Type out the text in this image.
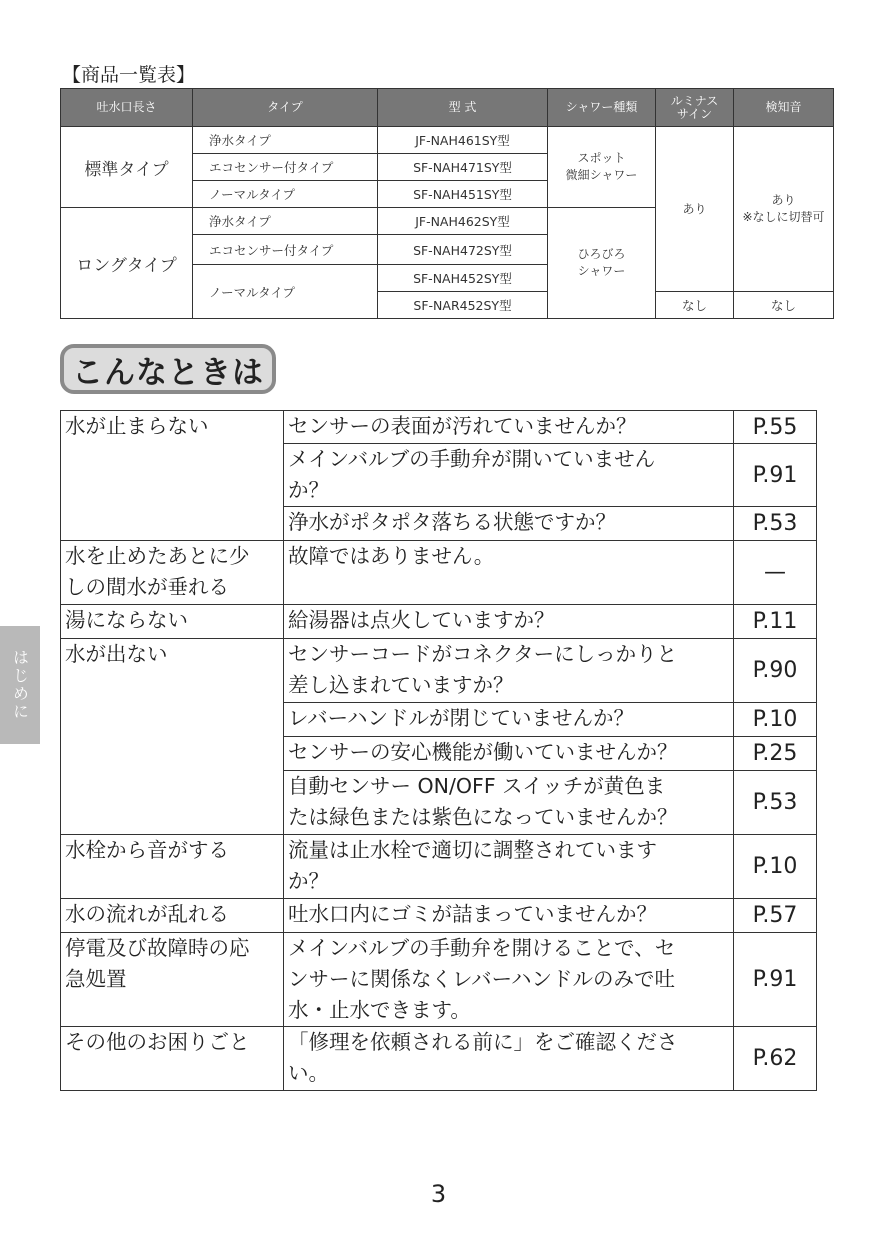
【商品一覧表】
吐水口長さ	タイプ	型 式	シャワー種類	ルミナス
サイン	検知音
標準タイプ	浄水タイプ	JF-NAH461SY型	スポット
微細シャワー	あり	あり
※なしに切替可
	エコセンサー付タイプ	SF-NAH471SY型			
	ノーマルタイプ	SF-NAH451SY型			
ロングタイプ	浄水タイプ	JF-NAH462SY型	ひろびろ
シャワー		
	エコセンサー付タイプ	SF-NAH472SY型			
	ノーマルタイプ	SF-NAH452SY型			
		SF-NAR452SY型		なし	なし
こんなときは
水が止まらない	センサーの表面が汚れていませんか？	P.55
	メインバルブの手動弁が開いていません
か？	P.91
	浄水がポタポタ落ちる状態ですか？	P.53
水を止めたあとに少
しの間水が垂れる	故障ではありません。	—
湯にならない	給湯器は点火していますか？	P.11
水が出ない	センサーコードがコネクターにしっかりと
差し込まれていますか？	P.90
	レバーハンドルが閉じていませんか？	P.10
	センサーの安心機能が働いていませんか？	P.25
	自動センサー ON/OFF スイッチが黄色ま
たは緑色または紫色になっていませんか？	P.53
水栓から音がする	流量は止水栓で適切に調整されています
か？	P.10
水の流れが乱れる	吐水口内にゴミが詰まっていませんか？	P.57
停電及び故障時の応
急処置	メインバルブの手動弁を開けることで、セ
ンサーに関係なくレバーハンドルのみで吐
水・止水できます。	P.91
その他のお困りごと	「修理を依頼される前に」をご確認くださ
い。	P.62
はじめに
3
